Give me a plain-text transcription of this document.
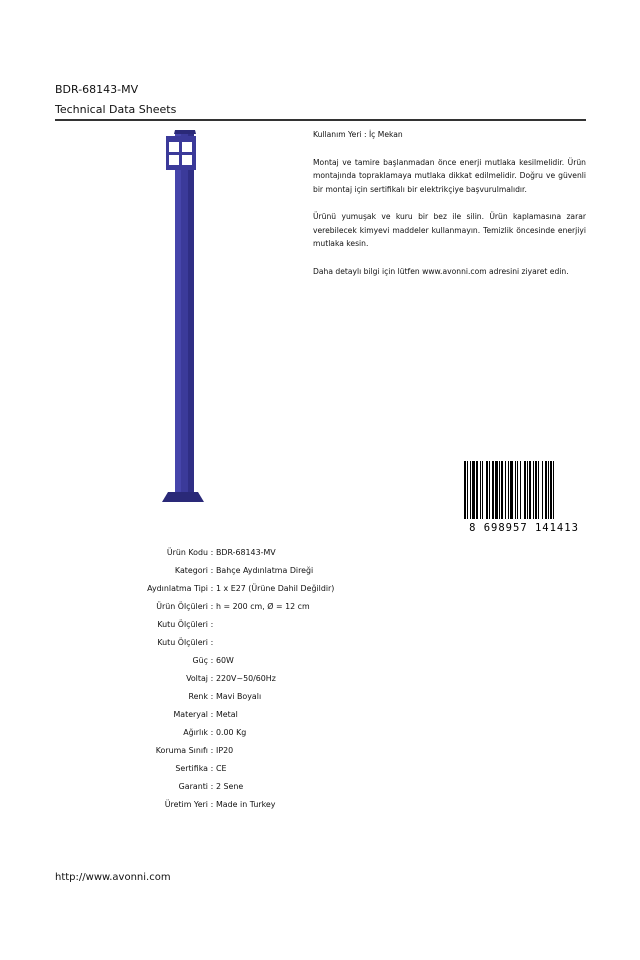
BDR-68143-MV
Technical Data Sheets

Kullanım Yeri : İç Mekan

Montaj ve tamire başlanmadan önce enerji mutlaka kesilmelidir. Ürün montajında topraklamaya mutlaka dikkat edilmelidir. Doğru ve güvenli bir montaj için sertifikalı bir elektrikçiye başvurulmalıdır.

Ürünü yumuşak ve kuru bir bez ile silin. Ürün kaplamasına zarar verebilecek kimyevi maddeler kullanmayın. Temizlik öncesinde enerjiyi mutlaka kesin.

Daha detaylı bilgi için lütfen www.avonni.com adresini ziyaret edin.

8 698957 141413
Ürün Kodu : BDR-68143-MV
Kategori : Bahçe Aydınlatma Direği
Aydınlatma Tipi : 1 x E27 (Ürüne Dahil Değildir)
Ürün Ölçüleri : h = 200 cm, Ø = 12 cm
Kutu Ölçüleri :
Kutu Ölçüleri :
Güç : 60W
Voltaj : 220V~50/60Hz
Renk : Mavi Boyalı
Materyal : Metal
Ağırlık : 0.00 Kg
Koruma Sınıfı : IP20
Sertifika : CE
Garanti : 2 Sene
Üretim Yeri : Made in Turkey
http://www.avonni.com
